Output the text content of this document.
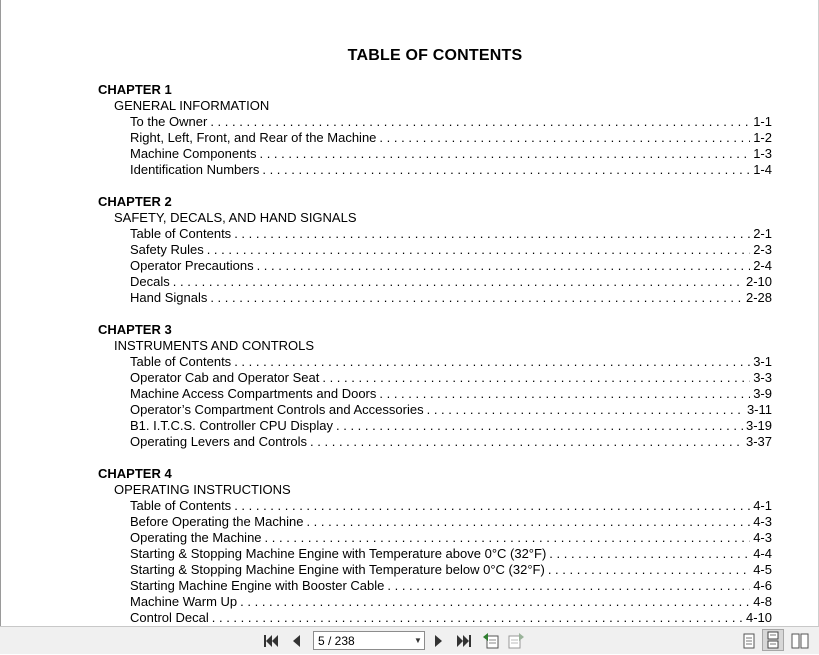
TABLE OF CONTENTS
CHAPTER 1
GENERAL INFORMATION
To the Owner . . .	1-1
Right, Left, Front, and Rear of the Machine . . .	1-2
Machine Components . . .	1-3
Identification Numbers . . .	1-4
CHAPTER 2
SAFETY, DECALS, AND HAND SIGNALS
Table of Contents . . .	2-1
Safety Rules . . .	2-3
Operator Precautions . . .	2-4
Decals . . .	2-10
Hand Signals . . .	2-28
CHAPTER 3
INSTRUMENTS AND CONTROLS
Table of Contents . . .	3-1
Operator Cab and Operator Seat . . .	3-3
Machine Access Compartments and Doors . . .	3-9
Operator’s Compartment Controls and Accessories . . .	3-11
B1. I.T.C.S. Controller CPU Display . . .	3-19
Operating Levers and Controls . . .	3-37
CHAPTER 4
OPERATING INSTRUCTIONS
Table of Contents . . .	4-1
Before Operating the Machine . . .	4-3
Operating the Machine . . .	4-3
Starting & Stopping Machine Engine with Temperature above 0°C (32°F) . . .	4-4
Starting & Stopping Machine Engine with Temperature below 0°C (32°F) . . .	4-5
Starting Machine Engine with Booster Cable . . .	4-6
Machine Warm Up . . .	4-8
Control Decal . . .	4-10
5 / 238	▼
